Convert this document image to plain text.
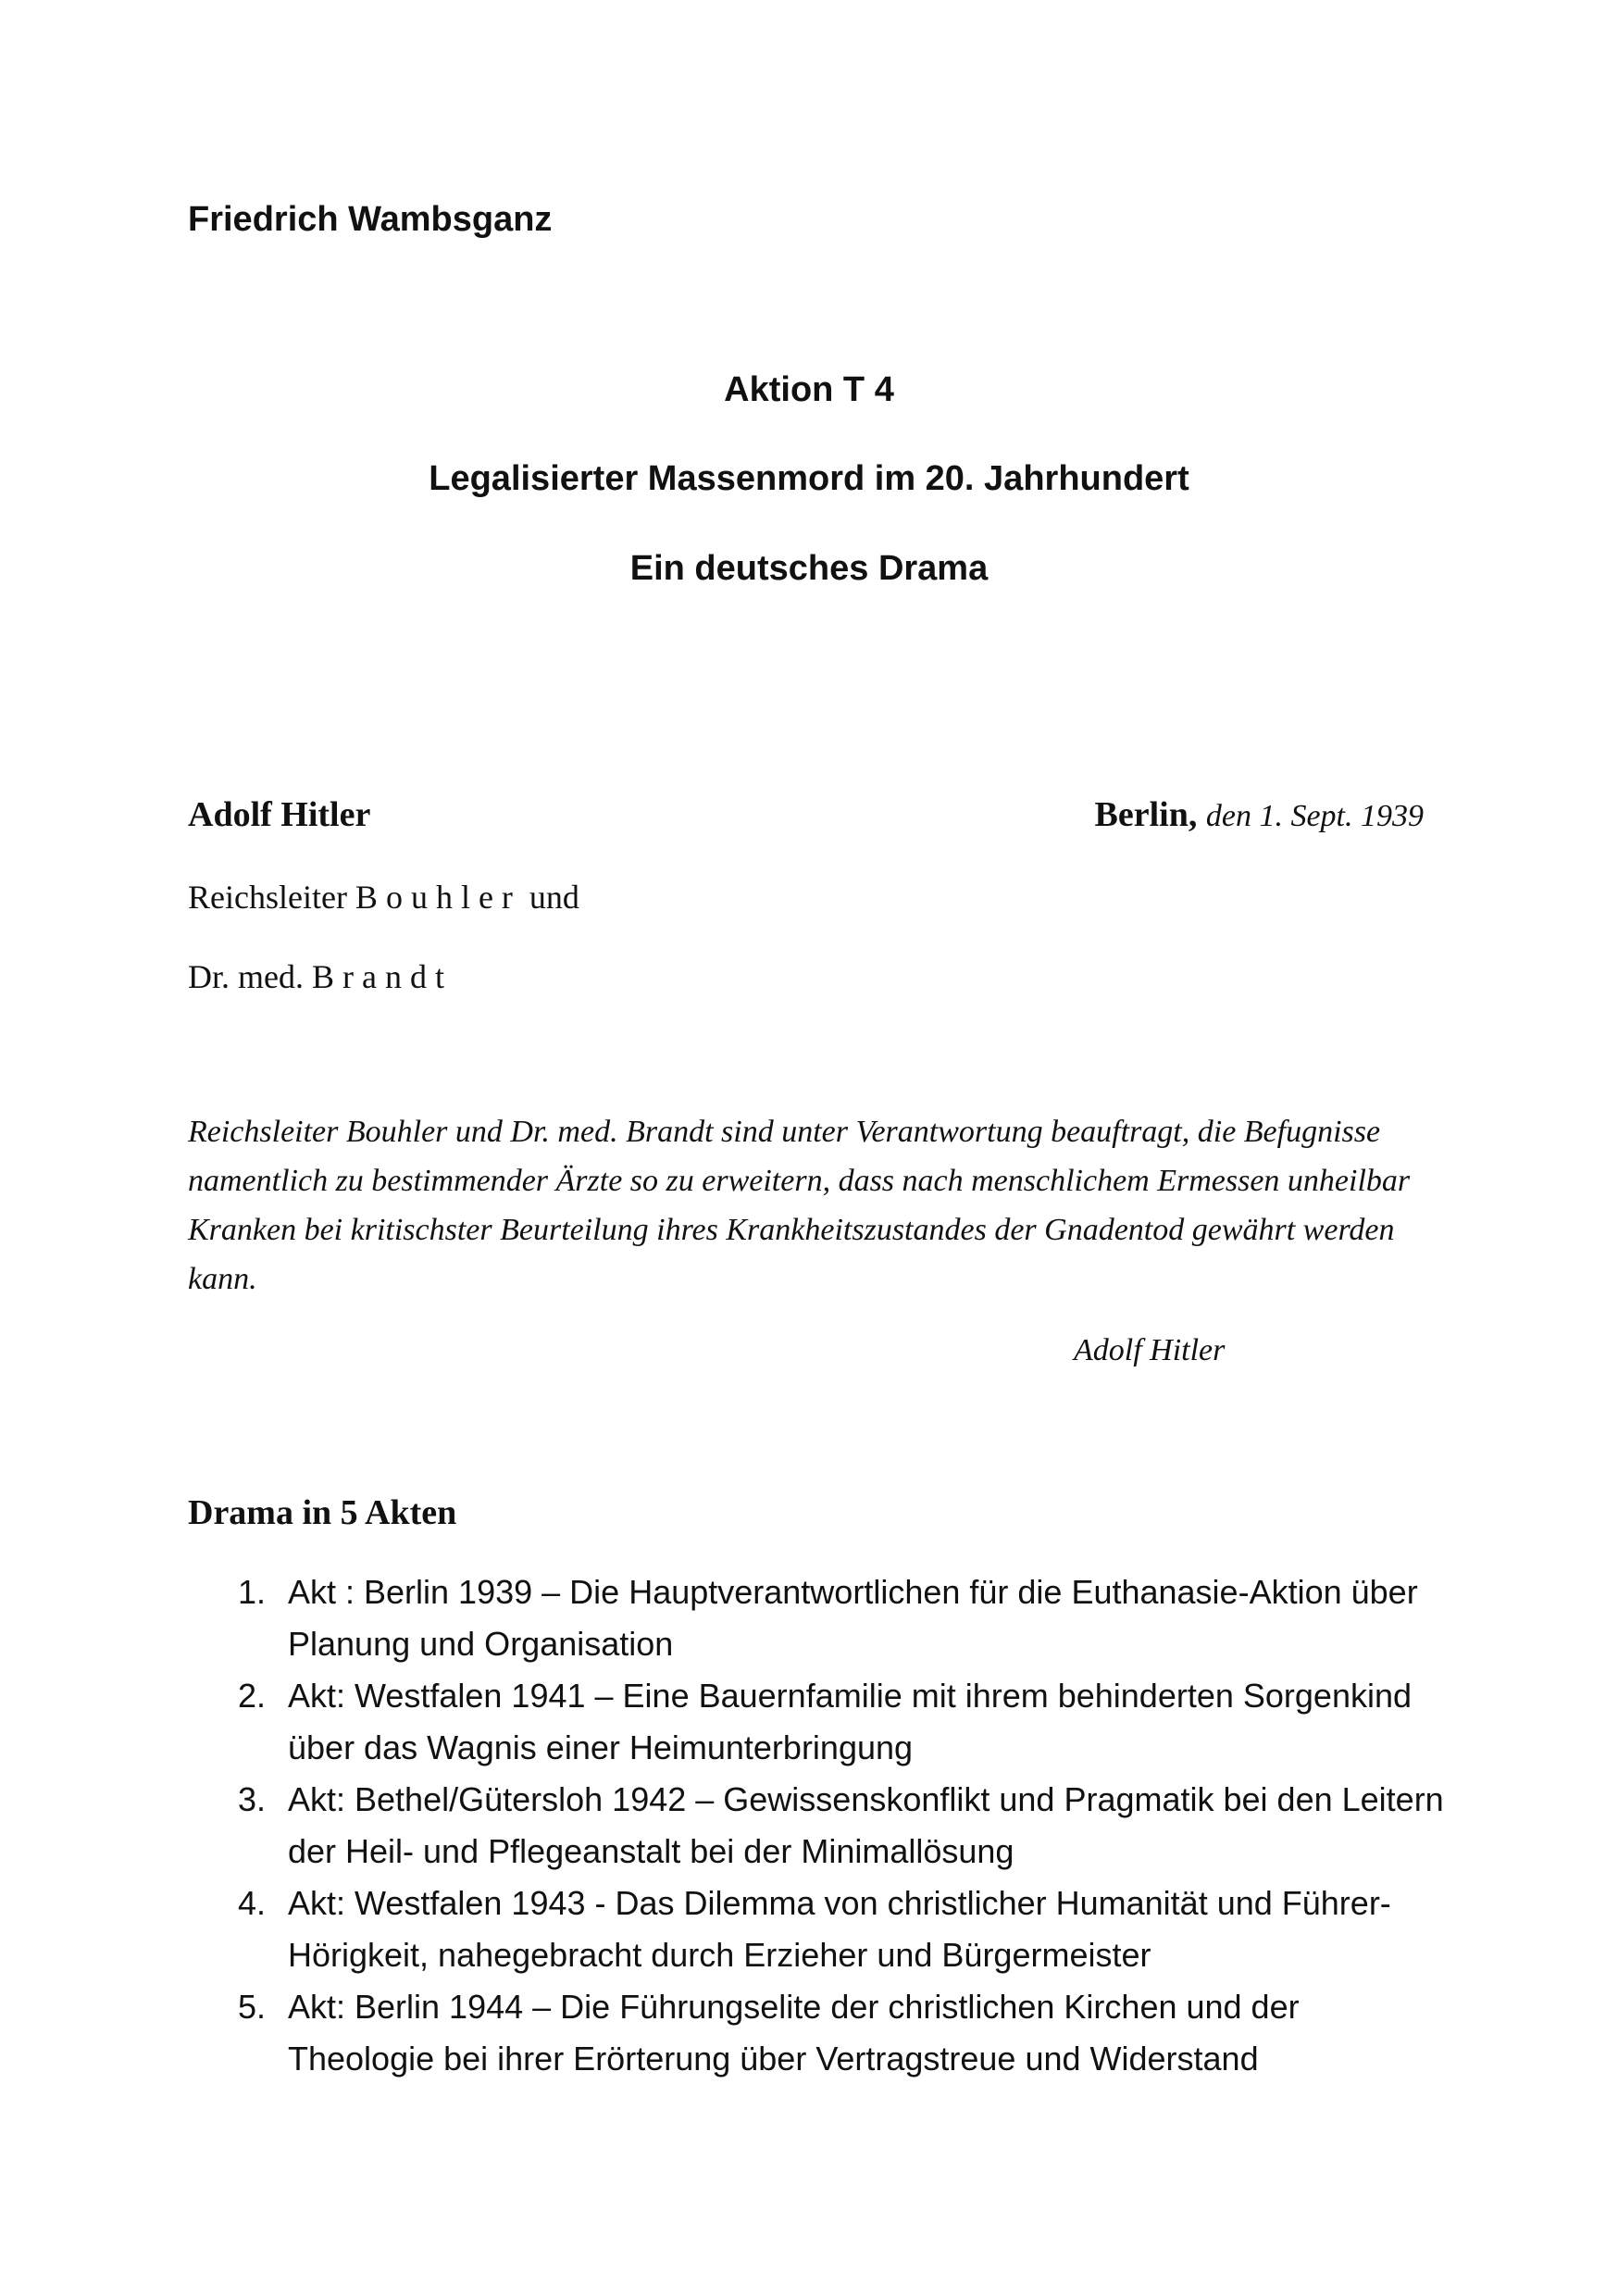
Friedrich Wambsganz
Aktion T 4
Legalisierter Massenmord im 20. Jahrhundert
Ein deutsches Drama
Adolf Hitler	Berlin, den 1. Sept. 1939
Reichsleiter B o u h l e r  und
Dr. med. B r a n d t
Reichsleiter Bouhler und Dr. med. Brandt sind unter Verantwortung beauftragt, die Befugnisse namentlich zu bestimmender Ärzte so zu erweitern, dass nach menschlichem Ermessen unheilbar Kranken bei kritischster Beurteilung ihres Krankheitszustandes der Gnadentod gewährt werden kann.
Adolf Hitler
Drama in 5 Akten
1. Akt : Berlin 1939 – Die Hauptverantwortlichen für die Euthanasie-Aktion über Planung und Organisation
2. Akt: Westfalen 1941 – Eine Bauernfamilie mit ihrem behinderten Sorgenkind über das Wagnis einer Heimunterbringung
3. Akt: Bethel/Gütersloh 1942 – Gewissenskonflikt und Pragmatik bei den Leitern der Heil- und Pflegeanstalt bei der Minimallösung
4. Akt: Westfalen 1943 - Das Dilemma von christlicher Humanität und Führer-Hörigkeit, nahegebracht durch Erzieher und Bürgermeister
5. Akt: Berlin 1944 – Die Führungselite der christlichen Kirchen und der Theologie bei ihrer Erörterung über Vertragstreue und Widerstand
